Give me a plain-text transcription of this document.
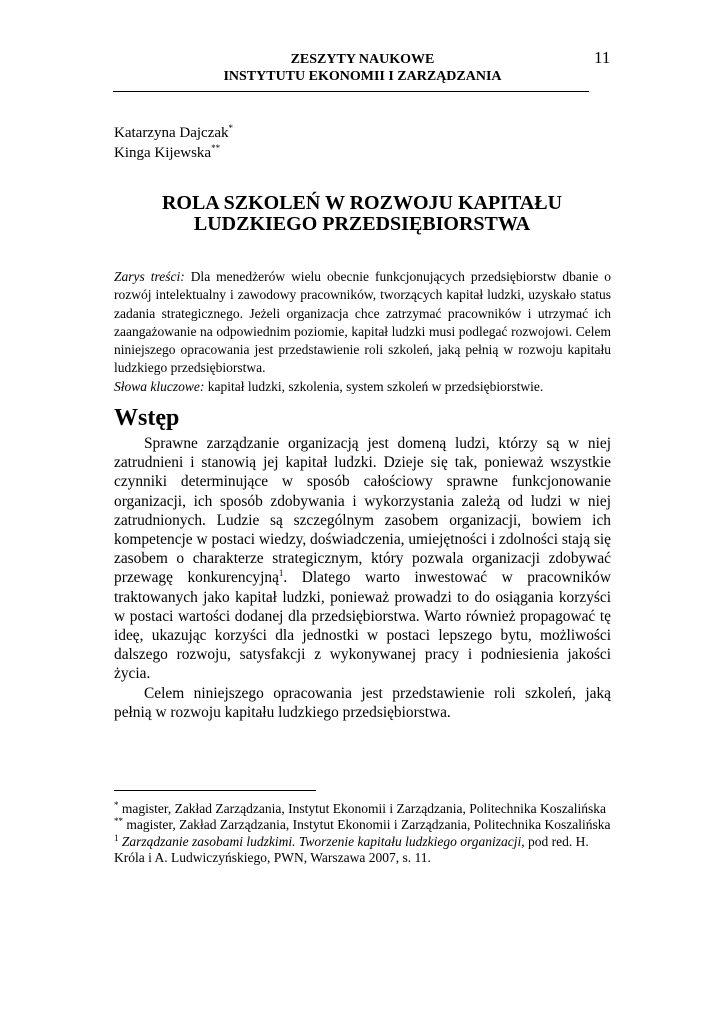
ZESZYTY NAUKOWE
INSTYTUTU EKONOMII I ZARZĄDZANIA
11
Katarzyna Dajczak*
Kinga Kijewska**
ROLA SZKOLEŃ W ROZWOJU KAPITAŁU
LUDZKIEGO PRZEDSIĘBIORSTWA

Zarys treści: Dla menedżerów wielu obecnie funkcjonujących przedsiębiorstw dbanie o rozwój intelektualny i zawodowy pracowników, tworzących kapitał ludzki, uzyskało status zadania strategicznego. Jeżeli organizacja chce zatrzymać pracowników i utrzymać ich zaangażowanie na odpowiednim poziomie, kapitał ludzki musi podlegać rozwojowi. Celem niniejszego opracowania jest przedstawienie roli szkoleń, jaką pełnią w rozwoju kapitału ludzkiego przedsiębiorstwa.

Słowa kluczowe: kapitał ludzki, szkolenia, system szkoleń w przedsiębiorstwie.

Wstęp

Sprawne zarządzanie organizacją jest domeną ludzi, którzy są w niej zatrudnieni i stanowią jej kapitał ludzki. Dzieje się tak, ponieważ wszystkie czynniki determinujące w sposób całościowy sprawne funkcjonowanie organizacji, ich sposób zdobywania i wykorzystania zależą od ludzi w niej zatrudnionych. Ludzie są szczególnym zasobem organizacji, bowiem ich kompetencje w postaci wiedzy, doświadczenia, umiejętności i zdolności stają się zasobem o charakterze strategicznym, który pozwala organizacji zdobywać przewagę konkurencyjną$^1$. Dlatego warto inwestować w pracowników traktowanych jako kapitał ludzki, ponieważ prowadzi to do osiągania korzyści w postaci wartości dodanej dla przedsiębiorstwa. Warto również propagować tę ideę, ukazując korzyści dla jednostki w postaci lepszego bytu, możliwości dalszego rozwoju, satysfakcji z wykonywanej pracy i podniesienia jakości życia.

Celem niniejszego opracowania jest przedstawienie roli szkoleń, jaką pełnią w rozwoju kapitału ludzkiego przedsiębiorstwa.

* magister, Zakład Zarządzania, Instytut Ekonomii i Zarządzania, Politechnika Koszalińska

** magister, Zakład Zarządzania, Instytut Ekonomii i Zarządzania, Politechnika Koszalińska

$^1$ Zarządzanie zasobami ludzkimi. Tworzenie kapitału ludzkiego organizacji, pod red. H. Króla i A. Ludwiczyńskiego, PWN, Warszawa 2007, s. 11.
